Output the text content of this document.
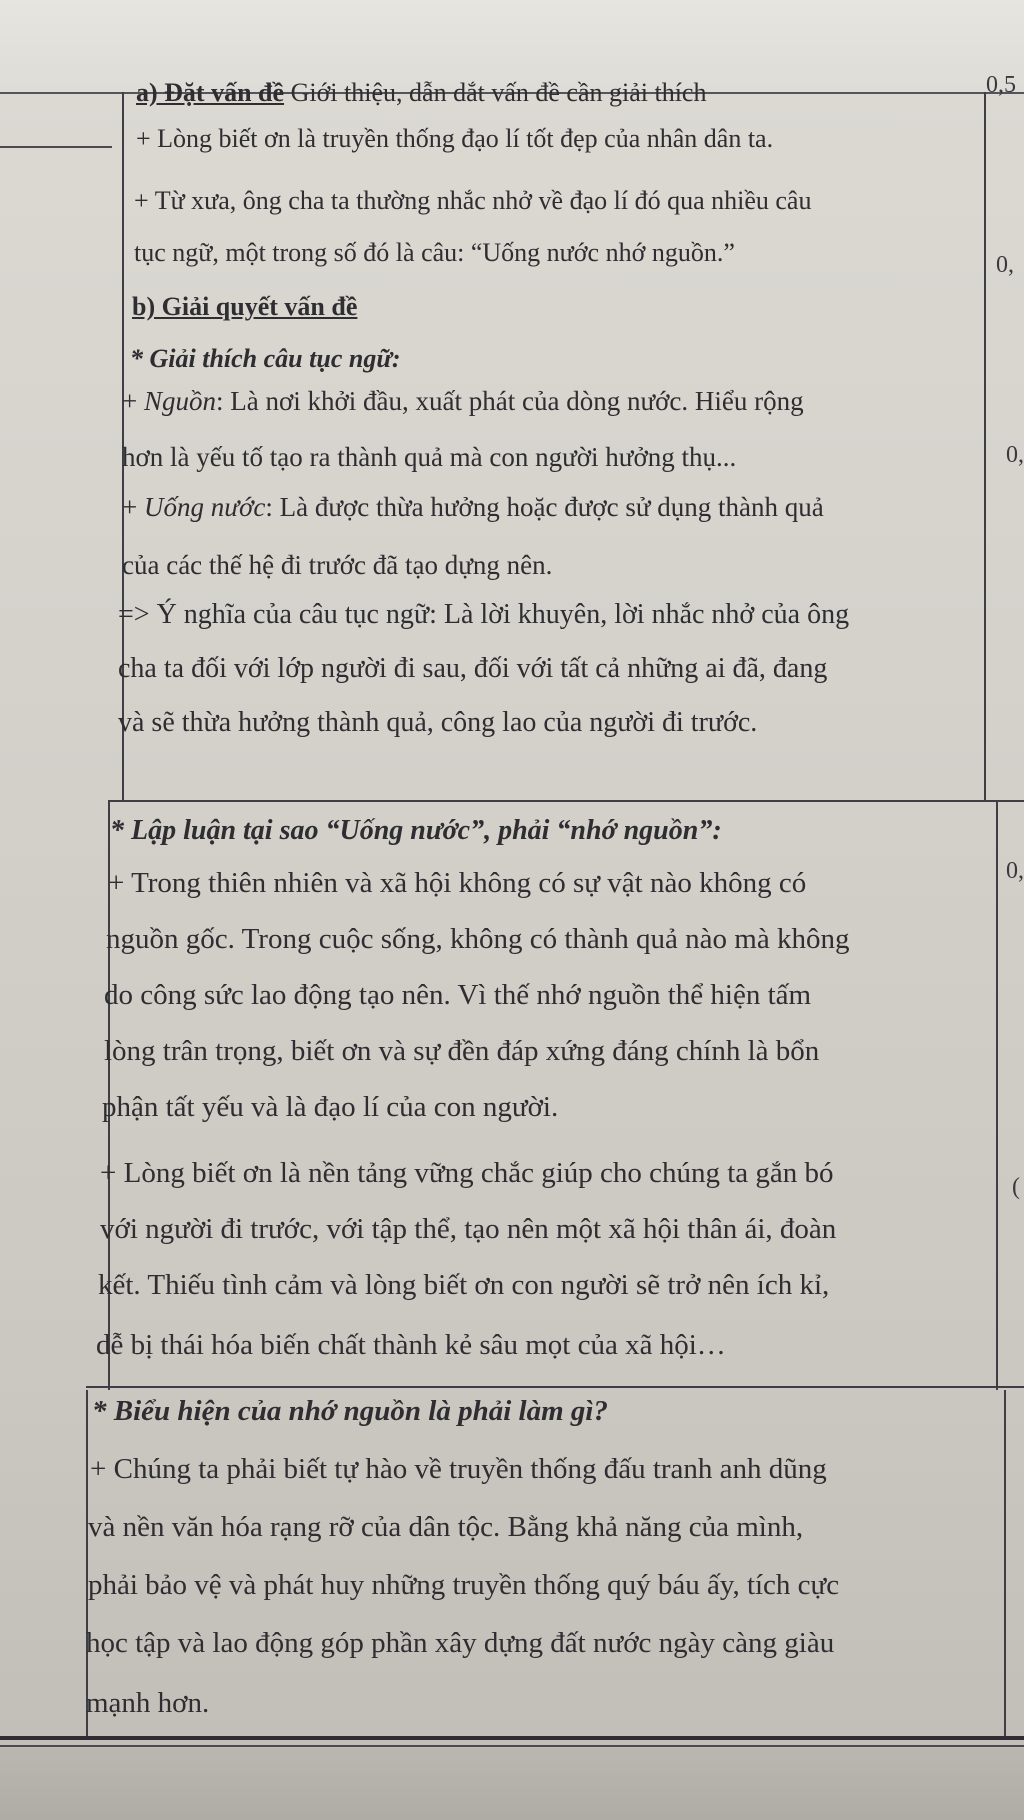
a) Đặt vấn đề Giới thiệu, dẫn dắt vấn đề cần giải thích
+ Lòng biết ơn là truyền thống đạo lí tốt đẹp của nhân dân ta.
+ Từ xưa, ông cha ta thường nhắc nhở về đạo lí đó qua nhiều câu
tục ngữ, một trong số đó là câu: “Uống nước nhớ nguồn.”
b) Giải quyết vấn đề
* Giải thích câu tục ngữ:
+ Nguồn: Là nơi khởi đầu, xuất phát của dòng nước. Hiểu rộng
hơn là yếu tố tạo ra thành quả mà con người hưởng thụ...
+ Uống nước: Là được thừa hưởng hoặc được sử dụng thành quả
của các thế hệ đi trước đã tạo dựng nên.
=> Ý nghĩa của câu tục ngữ: Là lời khuyên, lời nhắc nhở của ông
cha ta đối với lớp người đi sau, đối với tất cả những ai đã, đang
và sẽ thừa hưởng thành quả, công lao của người đi trước.
* Lập luận tại sao “Uống nước”, phải “nhớ nguồn”:
+ Trong thiên nhiên và xã hội không có sự vật nào không có
nguồn gốc. Trong cuộc sống, không có thành quả nào mà không
do công sức lao động tạo nên. Vì thế nhớ nguồn thể hiện tấm
lòng trân trọng, biết ơn và sự đền đáp xứng đáng chính là bổn
phận tất yếu và là đạo lí của con người.
+ Lòng biết ơn là nền tảng vững chắc giúp cho chúng ta gắn bó
với người đi trước, với tập thể, tạo nên một xã hội thân ái, đoàn
kết. Thiếu tình cảm và lòng biết ơn con người sẽ trở nên ích kỉ,
dễ bị thái hóa biến chất thành kẻ sâu mọt của xã hội…
* Biểu hiện của nhớ nguồn là phải làm gì?
+ Chúng ta phải biết tự hào về truyền thống đấu tranh anh dũng
và nền văn hóa rạng rỡ của dân tộc. Bằng khả năng của mình,
phải bảo vệ và phát huy những truyền thống quý báu ấy, tích cực
học tập và lao động góp phần xây dựng đất nước ngày càng giàu
mạnh hơn.
0,5
0,
0,
0,
(
